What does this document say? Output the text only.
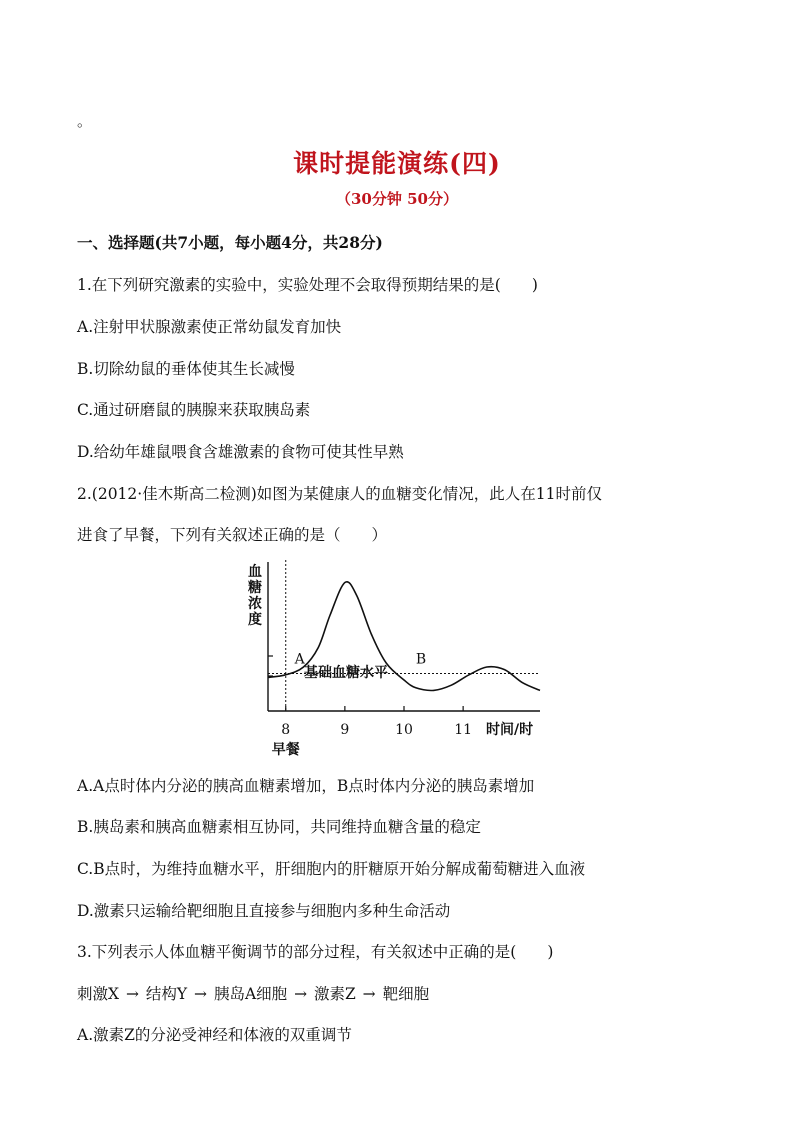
。
课时提能演练(四)
（30分钟 50分）
一、选择题(共7小题，每小题4分，共28分)
1.在下列研究激素的实验中，实验处理不会取得预期结果的是(　　)
A.注射甲状腺激素使正常幼鼠发育加快
B.切除幼鼠的垂体使其生长减慢
C.通过研磨鼠的胰腺来获取胰岛素
D.给幼年雄鼠喂食含雄激素的食物可使其性早熟
2.(2012·佳木斯高二检测)如图为某健康人的血糖变化情况，此人在11时前仅
进食了早餐，下列有关叙述正确的是（　　）
血
糖
浓
度
8	9	10	11
A	B
基础血糖水平
时间/时
早餐
A.A点时体内分泌的胰高血糖素增加，B点时体内分泌的胰岛素增加
B.胰岛素和胰高血糖素相互协同，共同维持血糖含量的稳定
C.B点时，为维持血糖水平，肝细胞内的肝糖原开始分解成葡萄糖进入血液
D.激素只运输给靶细胞且直接参与细胞内多种生命活动
3.下列表示人体血糖平衡调节的部分过程，有关叙述中正确的是(　　)
刺激X → 结构Y → 胰岛A细胞 → 激素Z → 靶细胞
A.激素Z的分泌受神经和体液的双重调节
